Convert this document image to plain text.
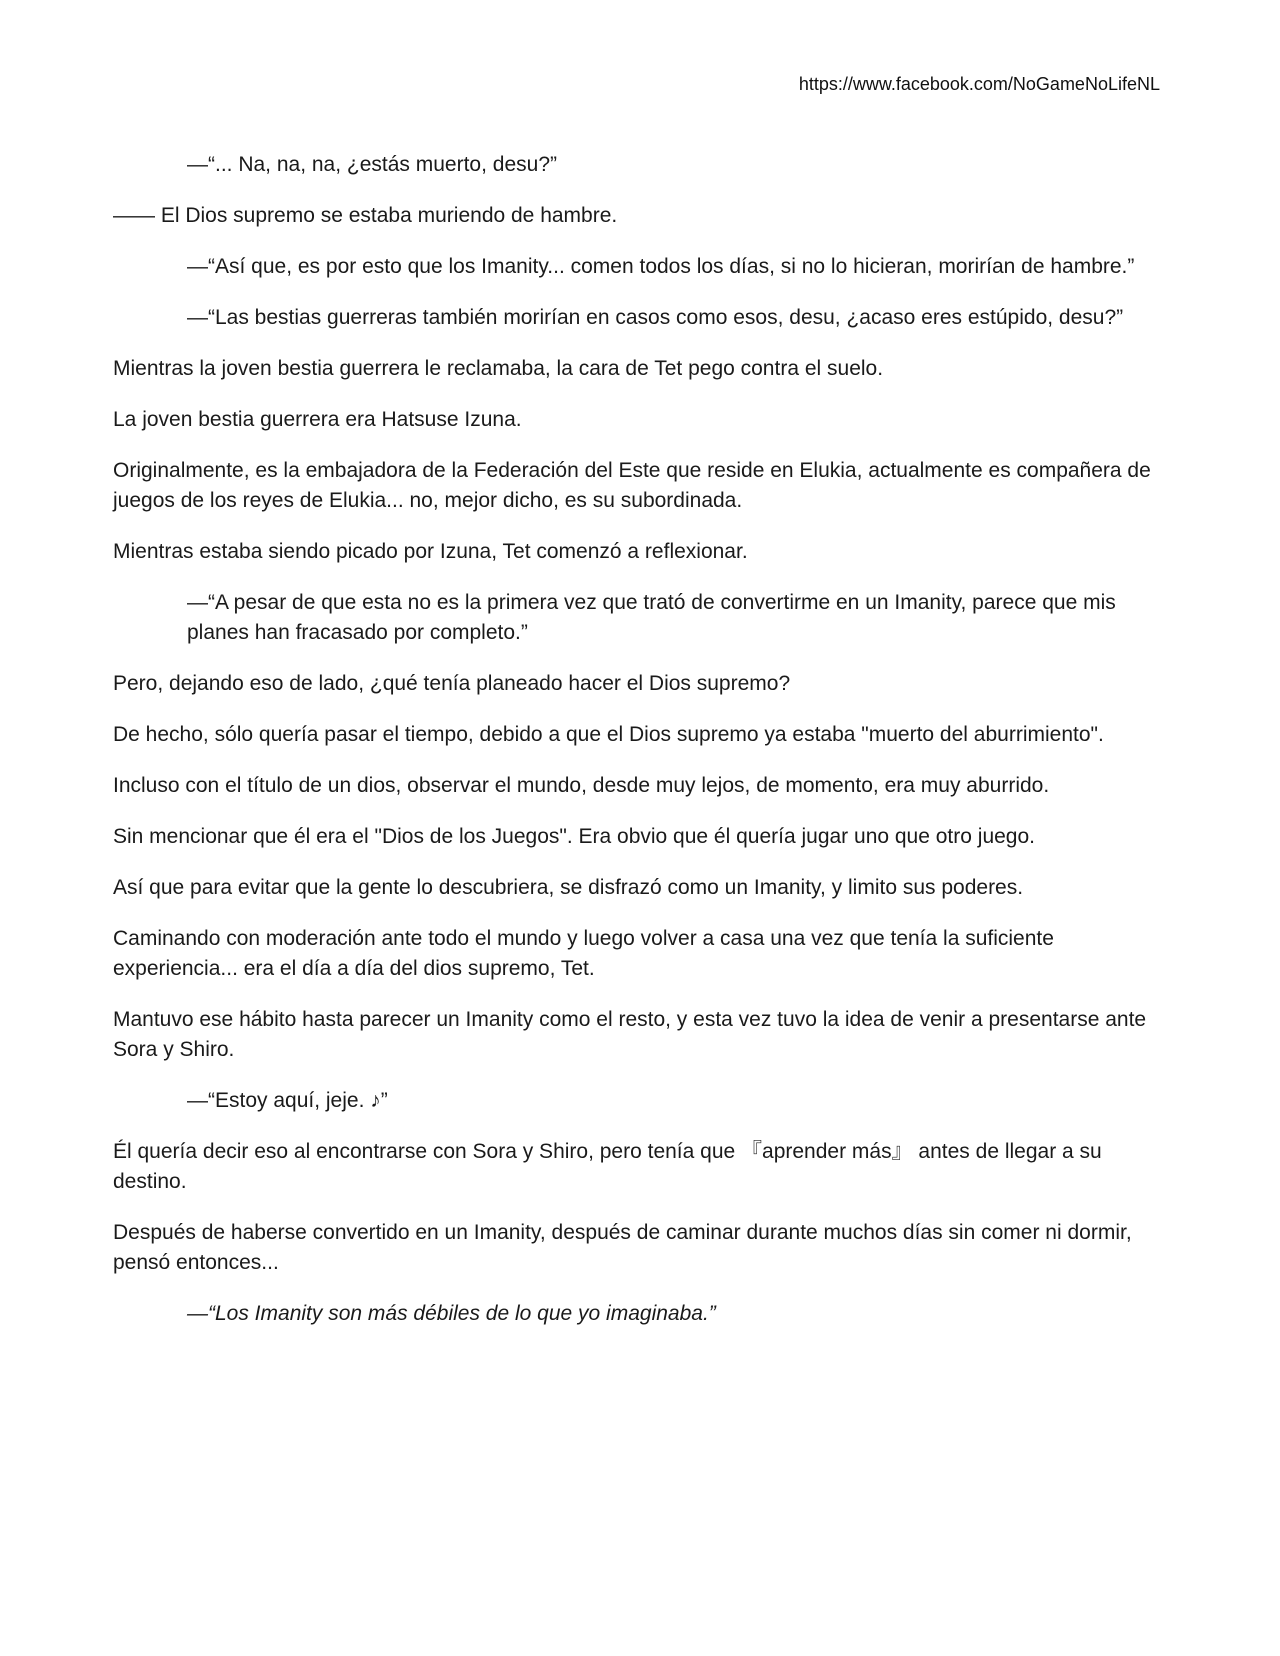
https://www.facebook.com/NoGameNoLifeNL

—“... Na, na, na, ¿estás muerto, desu?”

—— El Dios supremo se estaba muriendo de hambre.

—“Así que, es por esto que los Imanity... comen todos los días, si no lo hicieran, morirían de hambre.”

—“Las bestias guerreras también morirían en casos como esos, desu, ¿acaso eres estúpido, desu?”

Mientras la joven bestia guerrera le reclamaba, la cara de Tet pego contra el suelo.

La joven bestia guerrera era Hatsuse Izuna.

Originalmente, es la embajadora de la Federación del Este que reside en Elukia, actualmente es compañera de juegos de los reyes de Elukia... no, mejor dicho, es su subordinada.

Mientras estaba siendo picado por Izuna, Tet comenzó a reflexionar.

—“A pesar de que esta no es la primera vez que trató de convertirme en un Imanity, parece que mis planes han fracasado por completo.”

Pero, dejando eso de lado, ¿qué tenía planeado hacer el Dios supremo?

De hecho, sólo quería pasar el tiempo, debido a que el Dios supremo ya estaba "muerto del aburrimiento".

Incluso con el título de un dios, observar el mundo, desde muy lejos, de momento, era muy aburrido.

Sin mencionar que él era el "Dios de los Juegos". Era obvio que él quería jugar uno que otro juego.

Así que para evitar que la gente lo descubriera, se disfrazó como un Imanity, y limito sus poderes.

Caminando con moderación ante todo el mundo y luego volver a casa una vez que tenía la suficiente experiencia... era el día a día del dios supremo, Tet.

Mantuvo ese hábito hasta parecer un Imanity como el resto, y esta vez tuvo la idea de venir a presentarse ante Sora y Shiro.

—“Estoy aquí, jeje. ♪”

Él quería decir eso al encontrarse con Sora y Shiro, pero tenía que 『aprender más』 antes de llegar a su destino.

Después de haberse convertido en un Imanity, después de caminar durante muchos días sin comer ni dormir, pensó entonces...

—“Los Imanity son más débiles de lo que yo imaginaba.”
